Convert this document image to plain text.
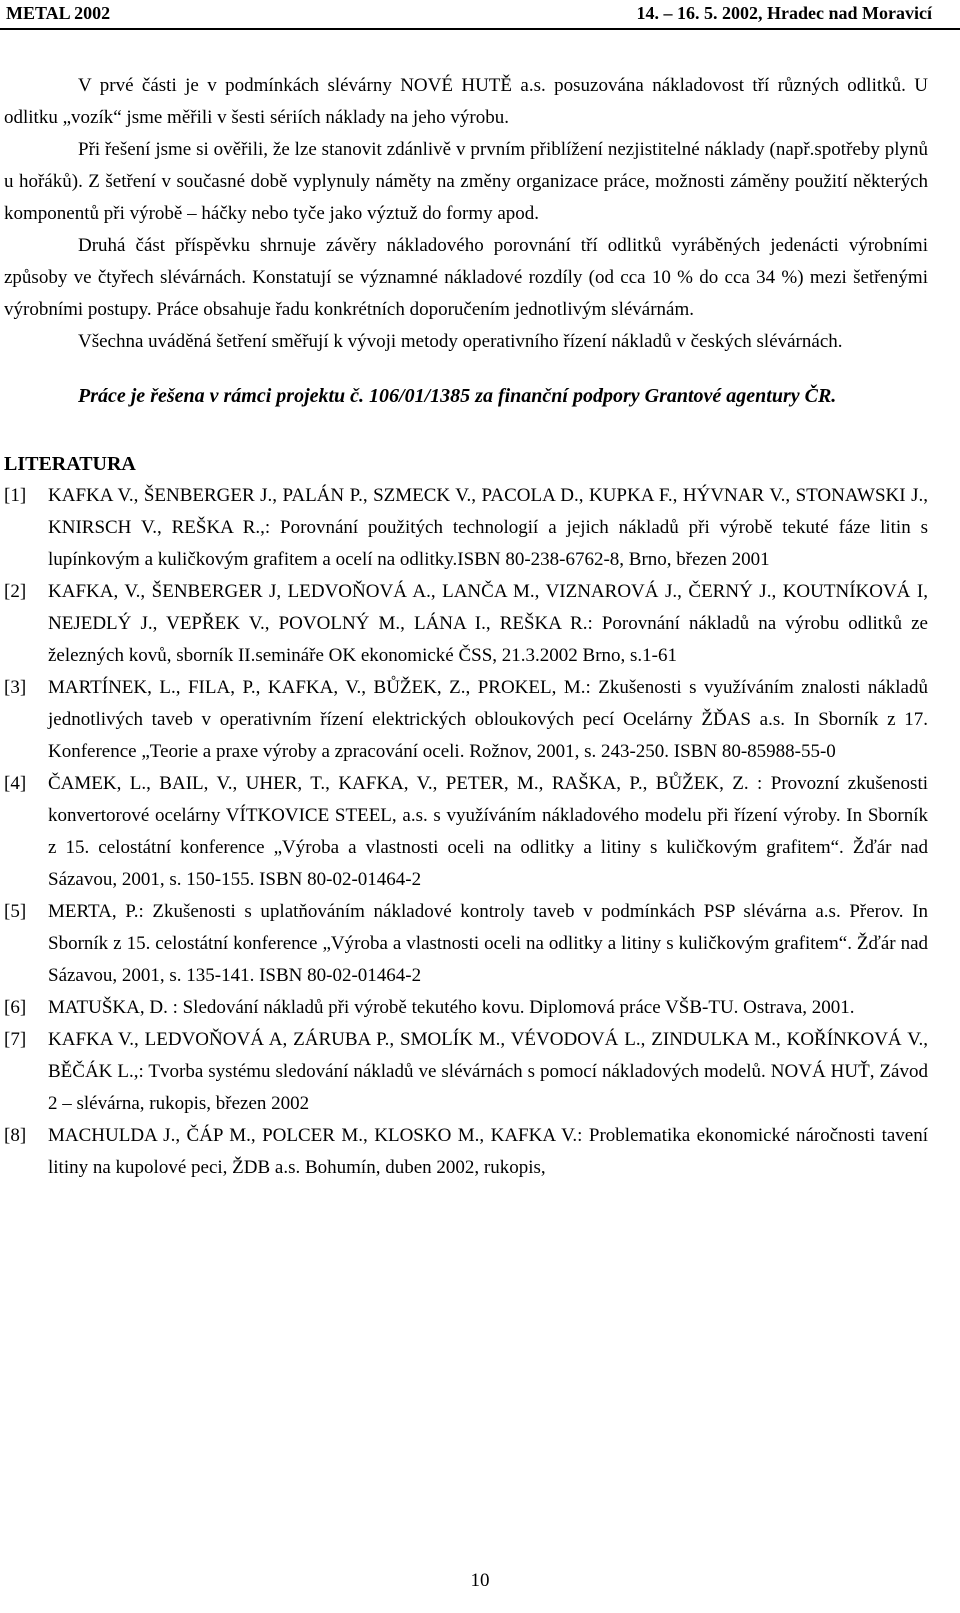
METAL 2002	14. – 16. 5. 2002, Hradec nad Moravicí

V prvé části je v podmínkách slévárny NOVÉ HUTĚ a.s. posuzována nákladovost tří různých odlitků. U odlitku „vozík“ jsme měřili v šesti sériích náklady na jeho výrobu.

Při řešení jsme si ověřili, že lze stanovit zdánlivě v prvním přiblížení nezjistitelné náklady (např.spotřeby plynů u hořáků). Z šetření v současné době vyplynuly náměty na změny organizace práce, možnosti záměny použití některých komponentů při výrobě – háčky nebo tyče jako výztuž do formy apod.

Druhá část příspěvku shrnuje závěry nákladového porovnání tří odlitků vyráběných jedenácti výrobními způsoby ve čtyřech slévárnách. Konstatují se významné nákladové rozdíly (od cca 10 % do cca 34 %) mezi šetřenými výrobními postupy. Práce obsahuje řadu konkrétních doporučením jednotlivým slévárnám.

Všechna uváděná šetření směřují k vývoji metody operativního řízení nákladů v českých slévárnách.

Práce je řešena v rámci projektu č. 106/01/1385 za finanční podpory Grantové agentury ČR.

LITERATURA

[1]	KAFKA V., ŠENBERGER J., PALÁN P., SZMECK V., PACOLA D., KUPKA F., HÝVNAR V., STONAWSKI J., KNIRSCH V., REŠKA R.,: Porovnání použitých technologií a jejich nákladů při výrobě tekuté fáze litin s lupínkovým a kuličkovým grafitem a ocelí na odlitky.ISBN 80-238-6762-8, Brno, březen 2001
[2]	KAFKA, V., ŠENBERGER J, LEDVOŇOVÁ A., LANČA M., VIZNAROVÁ J., ČERNÝ J., KOUTNÍKOVÁ I, NEJEDLÝ J., VEPŘEK V., POVOLNÝ M., LÁNA I., REŠKA R.: Porovnání nákladů na výrobu odlitků ze železných kovů, sborník II.semináře OK ekonomické ČSS, 21.3.2002 Brno, s.1-61
[3]	MARTÍNEK, L., FILA, P., KAFKA, V., BŮŽEK, Z., PROKEL, M.: Zkušenosti s využíváním znalosti nákladů jednotlivých taveb v operativním řízení elektrických obloukových pecí Ocelárny ŽĎAS a.s. In Sborník z 17. Konference „Teorie a praxe výroby a zpracování oceli. Rožnov, 2001, s. 243-250. ISBN 80-85988-55-0
[4]	ČAMEK, L., BAIL, V., UHER, T., KAFKA, V., PETER, M., RAŠKA, P., BŮŽEK, Z. : Provozní zkušenosti konvertorové ocelárny VÍTKOVICE STEEL, a.s. s využíváním nákladového modelu při řízení výroby. In Sborník z 15. celostátní konference „Výroba a vlastnosti oceli na odlitky a litiny s kuličkovým grafitem“. Žďár nad Sázavou, 2001, s. 150-155. ISBN 80-02-01464-2
[5]	MERTA, P.: Zkušenosti s uplatňováním nákladové kontroly taveb v podmínkách PSP slévárna a.s. Přerov. In Sborník z 15. celostátní konference „Výroba a vlastnosti oceli na odlitky a litiny s kuličkovým grafitem“. Žďár nad Sázavou, 2001, s. 135-141. ISBN 80-02-01464-2
[6]	MATUŠKA, D. : Sledování nákladů při výrobě tekutého kovu. Diplomová práce VŠB-TU. Ostrava, 2001.
[7]	KAFKA V., LEDVOŇOVÁ A, ZÁRUBA P., SMOLÍK M., VÉVODOVÁ L., ZINDULKA M., KOŘÍNKOVÁ V., BĚČÁK L.,: Tvorba systému sledování nákladů ve slévárnách s pomocí nákladových modelů. NOVÁ HUŤ, Závod 2 – slévárna, rukopis, březen 2002
[8]	MACHULDA J., ČÁP M., POLCER M., KLOSKO M., KAFKA V.: Problematika ekonomické náročnosti tavení litiny na kupolové peci, ŽDB a.s. Bohumín, duben 2002, rukopis,
10
